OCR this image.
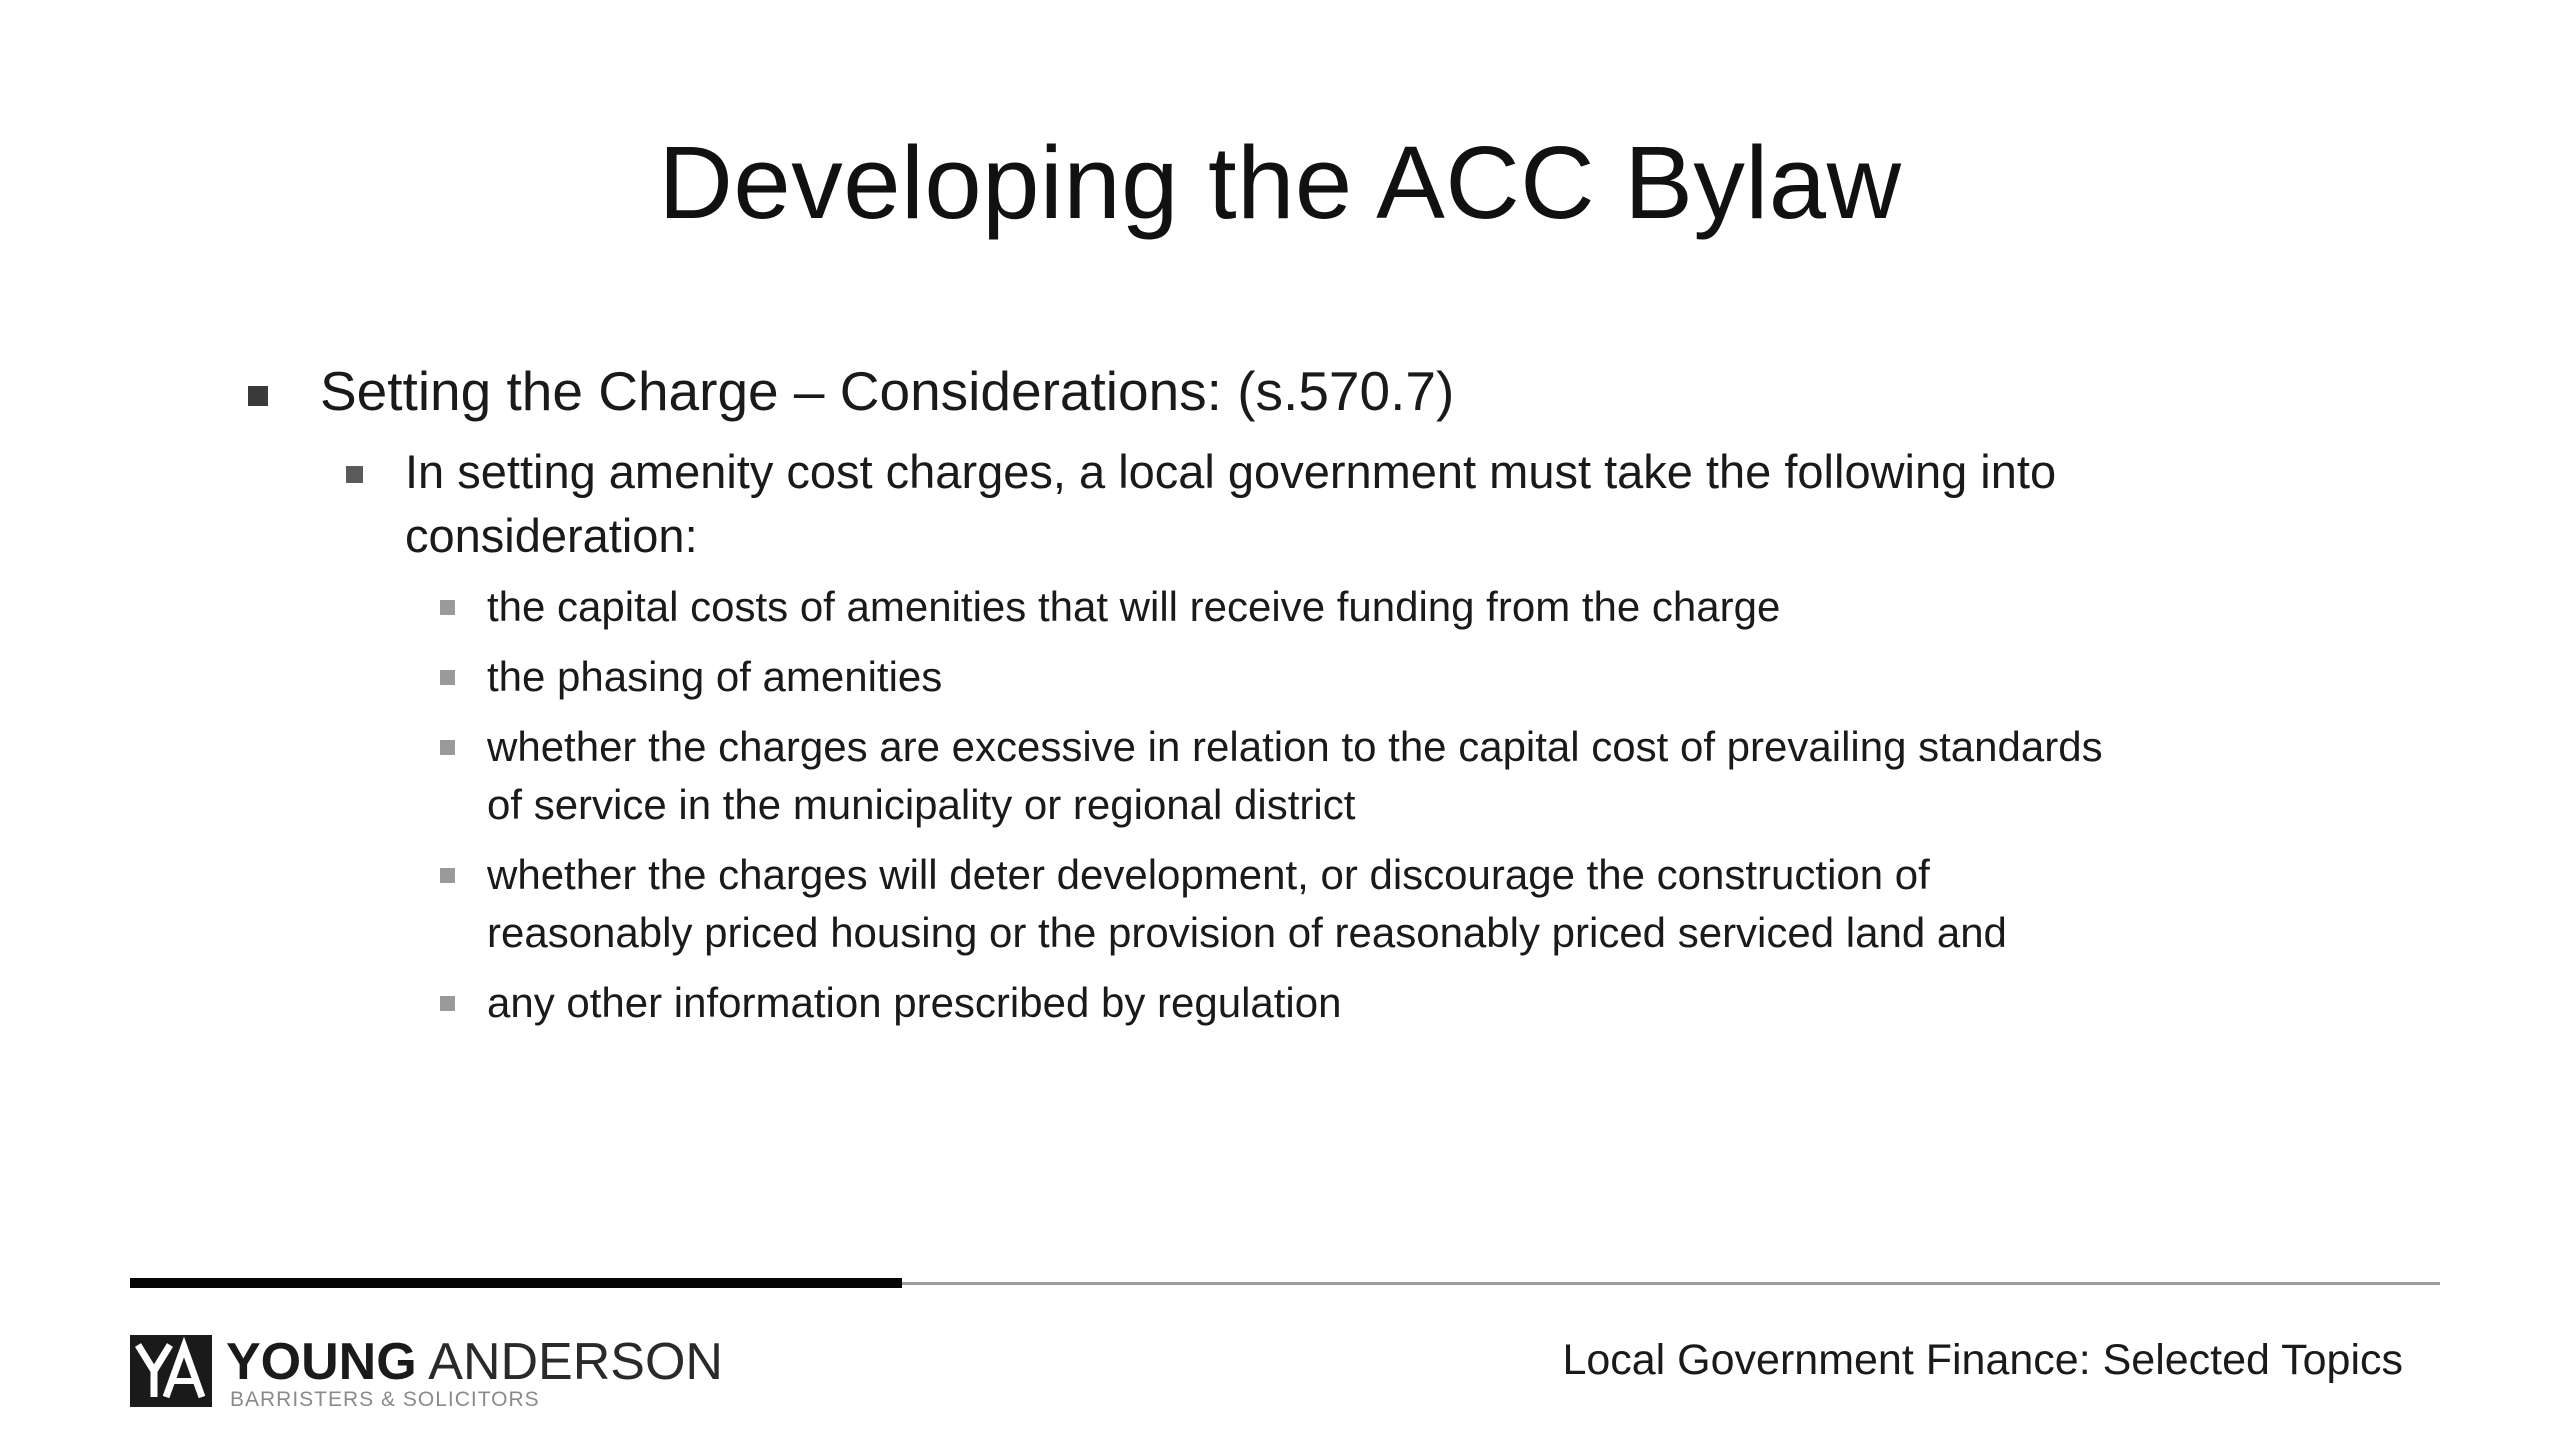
Developing the ACC Bylaw
Setting the Charge – Considerations: (s.570.7)
In setting amenity cost charges, a local government must take the following into consideration:
the capital costs of amenities that will receive funding from the charge
the phasing of amenities
whether the charges are excessive in relation to the capital cost of prevailing standards of service in the municipality or regional district
whether the charges will deter development, or discourage the construction of reasonably priced housing or the provision of reasonably priced serviced land and
any other information prescribed by regulation
YOUNG ANDERSON
BARRISTERS & SOLICITORS
Local Government Finance: Selected Topics
